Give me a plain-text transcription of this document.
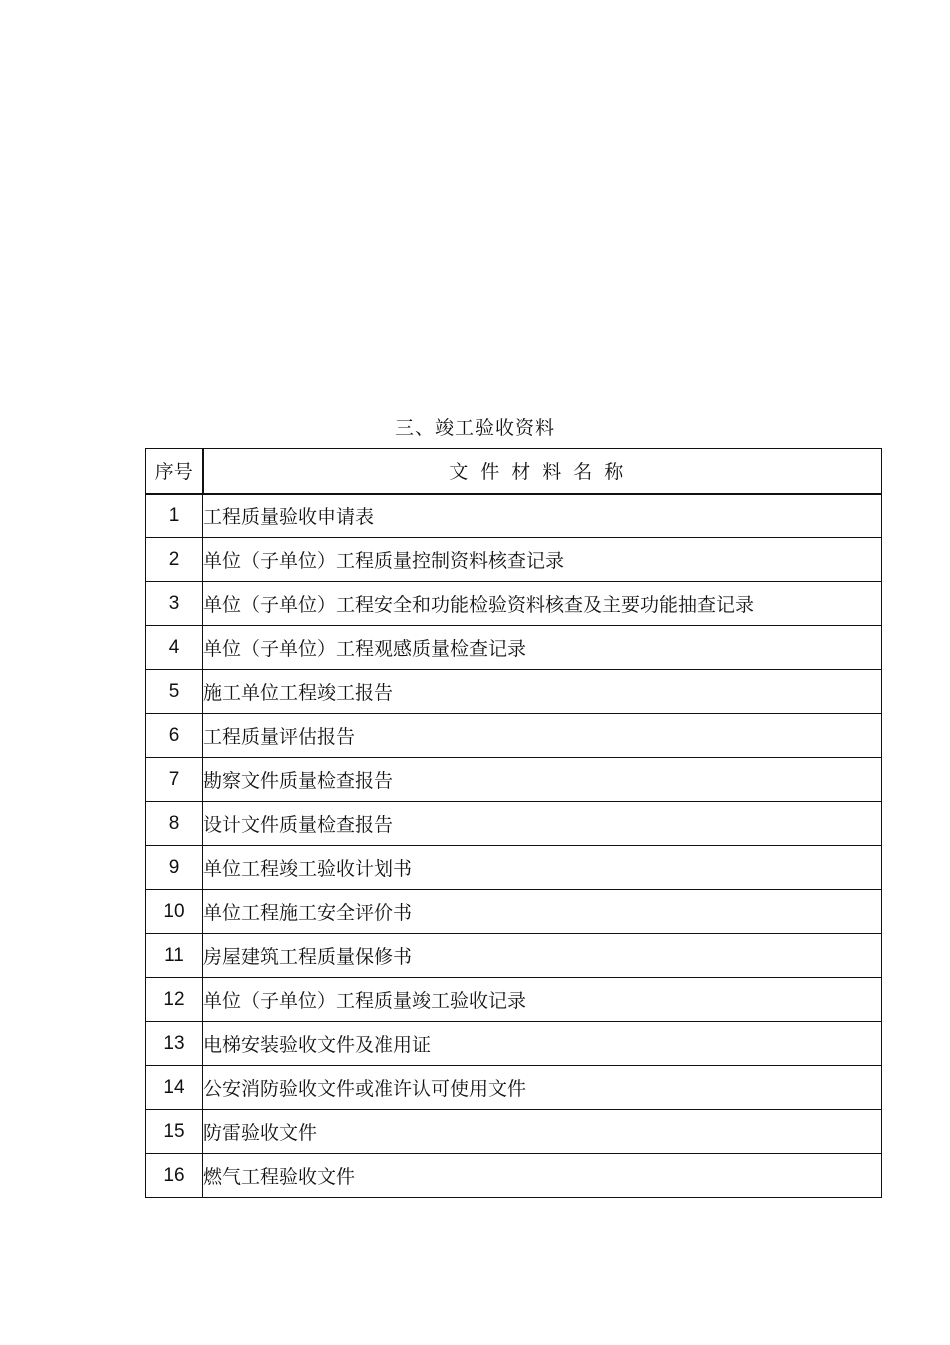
三、竣工验收资料
序号	文件材料名称
1	工程质量验收申请表
2	单位（子单位）工程质量控制资料核查记录
3	单位（子单位）工程安全和功能检验资料核查及主要功能抽查记录
4	单位（子单位）工程观感质量检查记录
5	施工单位工程竣工报告
6	工程质量评估报告
7	勘察文件质量检查报告
8	设计文件质量检查报告
9	单位工程竣工验收计划书
10	单位工程施工安全评价书
11	房屋建筑工程质量保修书
12	单位（子单位）工程质量竣工验收记录
13	电梯安装验收文件及准用证
14	公安消防验收文件或准许认可使用文件
15	防雷验收文件
16	燃气工程验收文件
